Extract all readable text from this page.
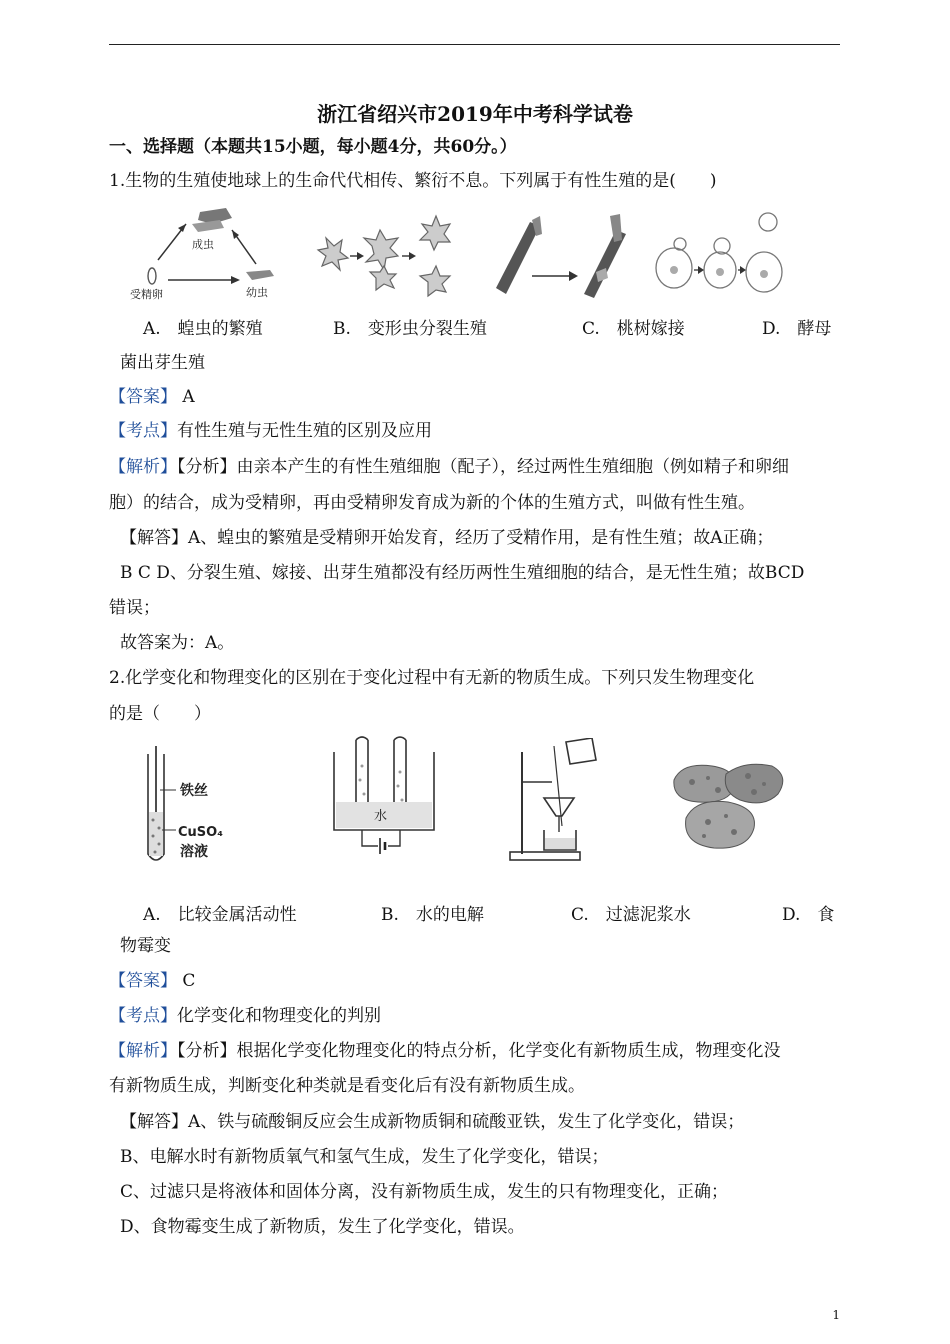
浙江省绍兴市2019年中考科学试卷
一、选择题（本题共15小题，每小题4分，共60分。）
1.生物的生殖使地球上的生命代代相传、繁衍不息。下列属于有性生殖的是(　　)
成虫
受精卵	幼虫
A.　蝗虫的繁殖	B.　变形虫分裂生殖	C.　桃树嫁接	D.　酵母
菌出芽生殖
【答案】 A
【考点】有性生殖与无性生殖的区别及应用
【解析】【分析】由亲本产生的有性生殖细胞（配子），经过两性生殖细胞（例如精子和卵细
胞）的结合，成为受精卵，再由受精卵发育成为新的个体的生殖方式，叫做有性生殖。
【解答】A、蝗虫的繁殖是受精卵开始发育，经历了受精作用，是有性生殖；故A正确；
B C D、分裂生殖、嫁接、出芽生殖都没有经历两性生殖细胞的结合，是无性生殖；故BCD
错误；
故答案为：A。
2.化学变化和物理变化的区别在于变化过程中有无新的物质生成。下列只发生物理变化
的是（　　）
铁丝
CuSO₄
溶液
水
A.　比较金属活动性	B.　水的电解	C.　过滤泥浆水	D.　食
物霉变
【答案】 C
【考点】化学变化和物理变化的判别
【解析】【分析】根据化学变化物理变化的特点分析，化学变化有新物质生成，物理变化没
有新物质生成，判断变化种类就是看变化后有没有新物质生成。
【解答】A、铁与硫酸铜反应会生成新物质铜和硫酸亚铁，发生了化学变化，错误；
B、电解水时有新物质氧气和氢气生成，发生了化学变化，错误；
C、过滤只是将液体和固体分离，没有新物质生成，发生的只有物理变化，正确；
D、食物霉变生成了新物质，发生了化学变化，错误。
1
